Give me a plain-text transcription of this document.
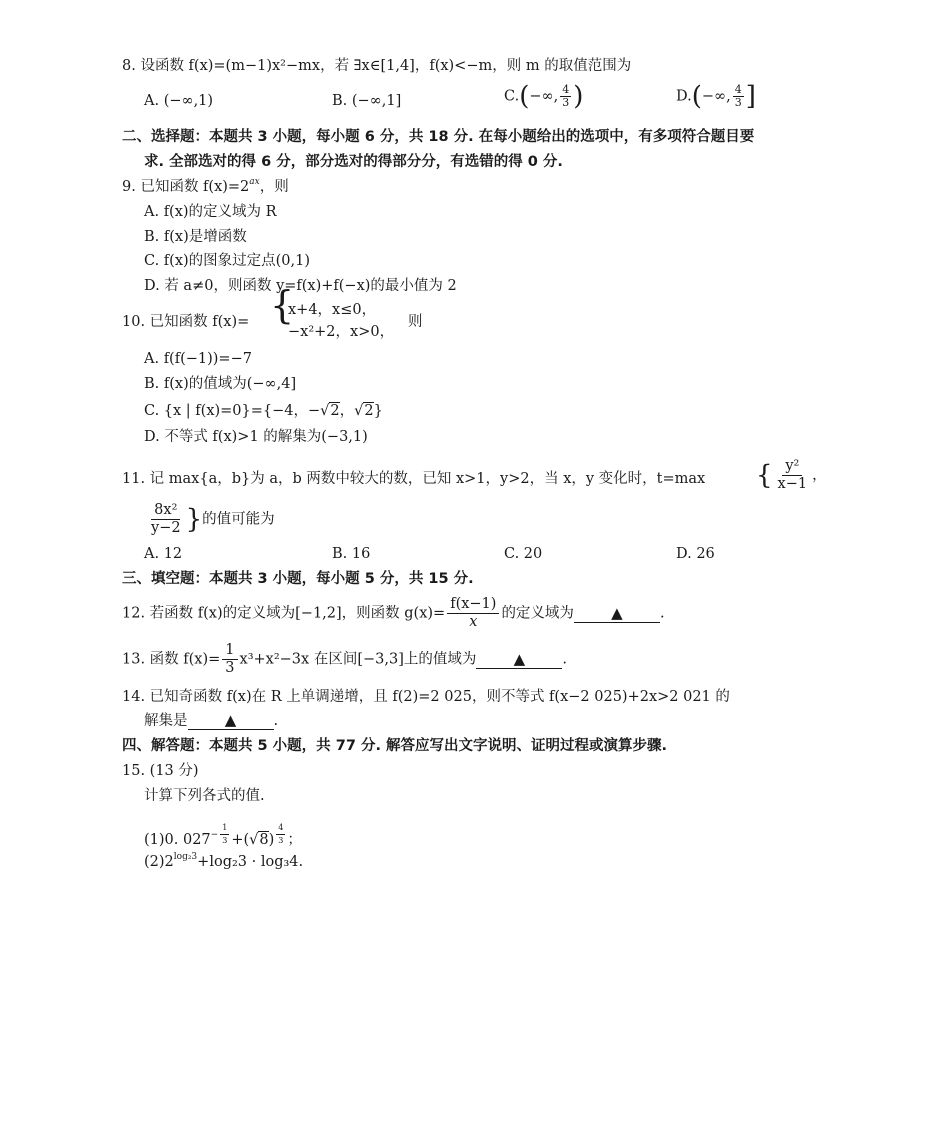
8. 设函数 f(x)=(m−1)x²−mx，若 ∃x∈[1,4]，f(x)<−m，则 m 的取值范围为
A. (−∞,1)	B. (−∞,1]	C.(−∞, $\frac{4}{3}$ )	D.(−∞, $\frac{4}{3}$ ]
二、选择题：本题共 3 小题，每小题 6 分，共 18 分. 在每小题给出的选项中，有多项符合题目要
求. 全部选对的得 6 分，部分选对的得部分分，有选错的得 0 分.
9. 已知函数 $f(x)=2^{ax}$，则
A. f(x)的定义域为 R
B. f(x)是增函数
C. f(x)的图象过定点(0,1)
D. 若 a≠0，则函数 y=f(x)+f(−x)的最小值为 2
10. 已知函数 f(x)= {
x+4，x≤0，
−x²+2，x>0，
则
A. f(f(−1))=−7
B. f(x)的值域为(−∞,4]
C. {x | f(x)=0}={−4，−√2，√2}
D. 不等式 f(x)>1 的解集为(−3,1)
11. 记 max{a，b}为 a，b 两数中较大的数，已知 x>1，y>2，当 x，y 变化时，t=max { $\frac{\text{y²}}{x-1}$ ，
$\frac{\text{8x²}}{y-2}$ }的值可能为
A. 12	B. 16	C. 20	D. 26
三、填空题：本题共 3 小题，每小题 5 分，共 15 分.
12. 若函数 f(x)的定义域为[−1,2]，则函数 $g(x)= \frac{f(x-1)}{x}$ 的定义域为 ▲	.
13. 函数 $f(x)= \frac{1}{3} x^3+x^2-3x$ 在区间[−3,3]上的值域为 ▲	.
14. 已知奇函数 f(x)在 R 上单调递增，且 f(2)=2 025，则不等式 f(x−2 025)+2x>2 021 的
解集是 ▲	.
四、解答题：本题共 5 小题，共 77 分. 解答应写出文字说明、证明过程或演算步骤.
15. (13 分)
计算下列各式的值.
(1)0. $027^{- \frac{1}{3}} +(√8)$ $^{\frac{4}{3}}$ ；
$(2)2^{log_23}+\log_23 \cdot \log_34$.
